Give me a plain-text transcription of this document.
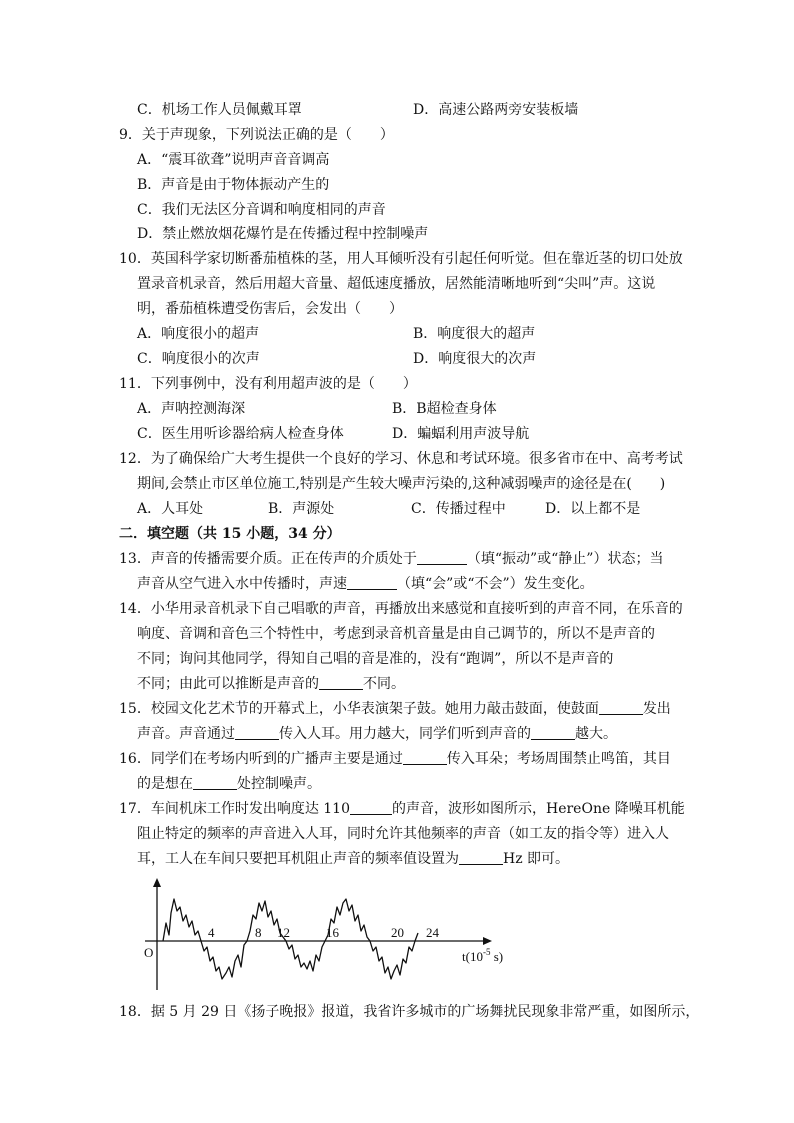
C．机场工作人员佩戴耳罩	D．高速公路两旁安装板墙
9．关于声现象，下列说法正确的是（　　）
A．“震耳欲聋”说明声音音调高
B．声音是由于物体振动产生的
C．我们无法区分音调和响度相同的声音
D．禁止燃放烟花爆竹是在传播过程中控制噪声
10．英国科学家切断番茄植株的茎，用人耳倾听没有引起任何听觉。但在靠近茎的切口处放
置录音机录音，然后用超大音量、超低速度播放，居然能清晰地听到“尖叫”声。这说
明，番茄植株遭受伤害后，会发出（　　）
A．响度很小的超声	B．响度很大的超声
C．响度很小的次声	D．响度很大的次声
11．下列事例中，没有利用超声波的是（　　）
A．声呐控测海深	B．B超检查身体
C．医生用听诊器给病人检查身体	D．蝙蝠利用声波导航
12．为了确保给广大考生提供一个良好的学习、休息和考试环境。很多省市在中、高考考试
期间,会禁止市区单位施工,特别是产生较大噪声污染的,这种减弱噪声的途径是在(　　)
A．人耳处	B．声源处	C．传播过程中	D．以上都不是
二．填空题（共 15 小题，34 分）
13．声音的传播需要介质。正在传声的介质处于	（填“振动”或“静止”）状态；当
声音从空气进入水中传播时，声速	（填“会”或“不会”）发生变化。
14．小华用录音机录下自己唱歌的声音，再播放出来感觉和直接听到的声音不同，在乐音的
响度、音调和音色三个特性中，考虑到录音机音量是由自己调节的，所以不是声音的
不同；询问其他同学，得知自己唱的音是准的，没有“跑调”，所以不是声音的
不同；由此可以推断是声音的	不同。
15．校园文化艺术节的开幕式上，小华表演架子鼓。她用力敲击鼓面，使鼓面	发出
声音。声音通过	传入人耳。用力越大，同学们听到声音的	越大。
16．同学们在考场内听到的广播声主要是通过	传入耳朵；考场周围禁止鸣笛，其目
的是想在	处控制噪声。
17．车间机床工作时发出响度达 110	的声音，波形如图所示，HereOne 降噪耳机能
阻止特定的频率的声音进入人耳，同时允许其他频率的声音（如工友的指令等）进入人
耳，工人在车间只要把耳机阻止声音的频率值设置为	Hz 即可。
O
4	8 12	16	20 24
$t(10^{-5}$ s)
18．据 5 月 29 日《扬子晚报》报道，我省许多城市的广场舞扰民现象非常严重，如图所示，
